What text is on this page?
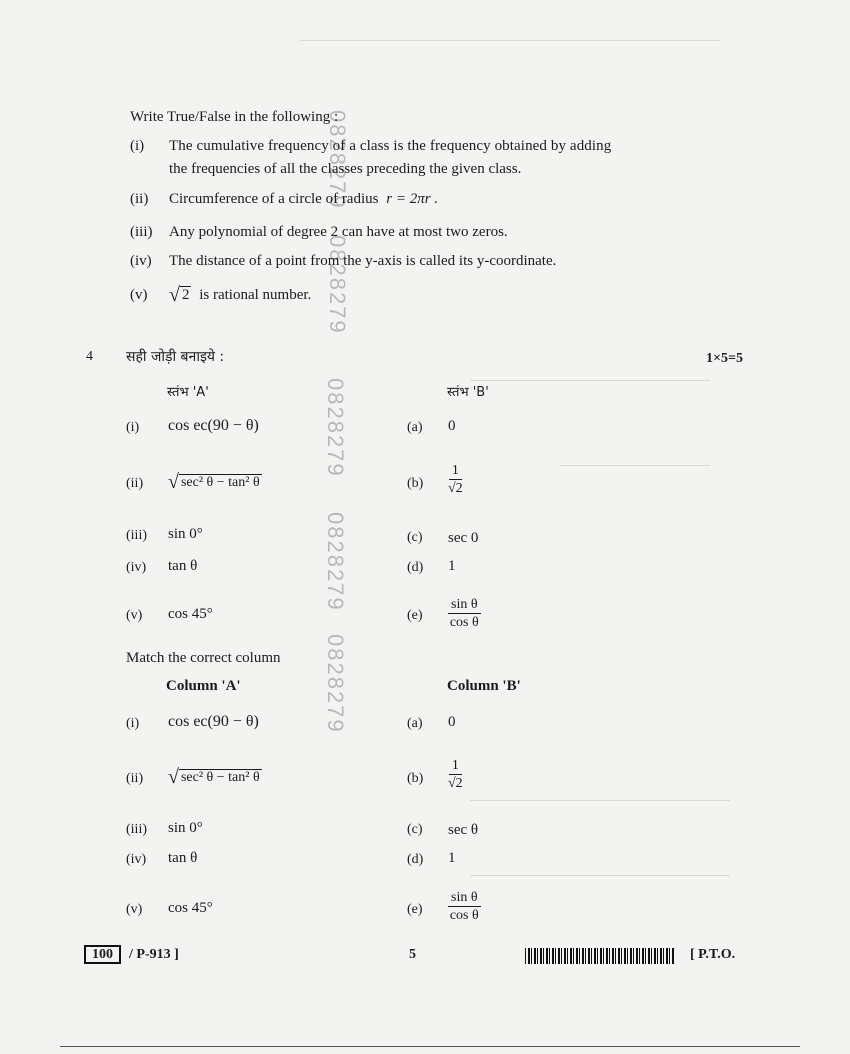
0828279
0828279
0828279
0828279
0828279
Write True/False in the following :
(i) The cumulative frequency of a class is the frequency obtained by adding
the frequencies of all the classes preceding the given class.
(ii) Circumference of a circle of radius r = 2πr .
(iii) Any polynomial of degree 2 can have at most two zeros.
(iv) The distance of a point from the y-axis is called its y-coordinate.
(v) √ 2 is rational number.
4 सही जोड़ी बनाइये :	1×5=5
स्तंभ 'A'	स्तंभ 'B'
(i) cos ec(90 − θ)	(a) 0
(ii) √ sec² θ − tan² θ	$(b) \frac{1}{√2}$
(iii) sin 0°	(c) sec 0
(iv) tan θ	(d) 1
(v) cos 45°	$(e) \frac{\text{sin θ}}{\text{cos θ}}$
Match the correct column
Column 'A'	Column 'B'
(i) cos ec(90 − θ)	(a) 0
(ii) √ sec² θ − tan² θ	$(b) \frac{1}{√2}$
(iii) sin 0°	(c) sec θ
(iv) tan θ	(d) 1
(v) cos 45°	$(e) \frac{\text{sin θ}}{\text{cos θ}}$
100 / P-913 ]	5	[ P.T.O.
